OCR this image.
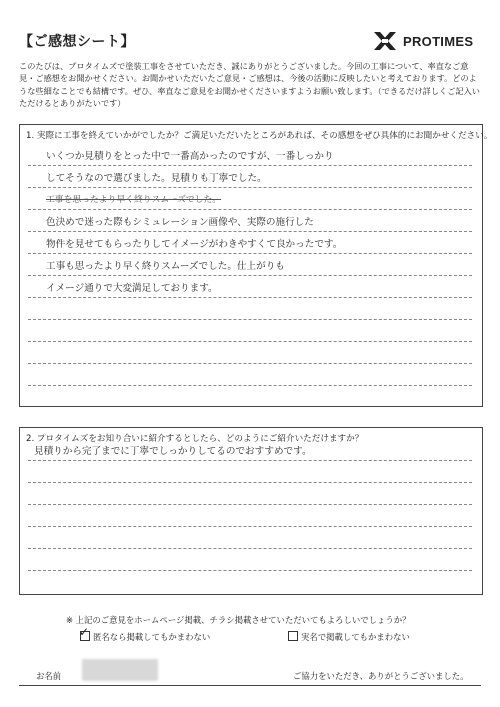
【ご感想シート】	PROTIMES
このたびは、プロタイムズで塗装工事をさせていただき、誠にありがとうございました。今回の工事について、率直なご意見・ご感想をお聞かせください。お聞かせいただいたご意見・ご感想は、今後の活動に反映したいと考えております。どのような些細なことでも結構です。ぜひ、率直なご意見をお聞かせくださいますようお願い致します。（できるだけ詳しくご記入いただけるとありがたいです）
1. 実際に工事を終えていかがでしたか？ご満足いただいたところがあれば、その感想をぜひ具体的にお聞かせください。
いくつか見積りをとった中で一番高かったのですが、一番しっかり
してそうなので選びました。見積りも丁寧でした。
工事を思ったより早く終りスムーズでした。
色決めで迷った際もシミュレーション画像や、実際の施行した
物件を見せてもらったりしてイメージがわきやすくて良かったです。
工事も思ったより早く終りスムーズでした。仕上がりも
イメージ通りで大変満足しております。
2. プロタイムズをお知り合いに紹介するとしたら、どのようにご紹介いただけますか？
見積りから完了までに丁寧でしっかりしてるのでおすすめです。
※ 上記のご意見をホームページ掲載、チラシ掲載させていただいてもよろしいでしょうか？
✓ 匿名なら掲載してもかまわない	実名で掲載してもかまわない
お名前	ご協力をいただき、ありがとうございました。
